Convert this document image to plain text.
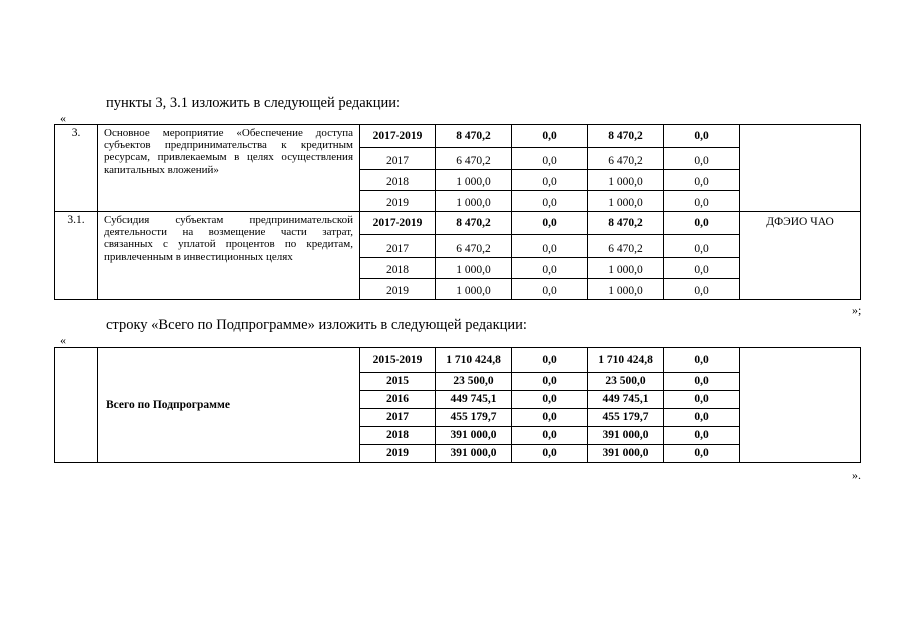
пункты 3, 3.1 изложить в следующей редакции:
«
3.	Основное мероприятие «Обеспечение доступа субъектов предпринимательства к кредитным ресурсам, привлекаемым в целях осуществления капитальных вложений»	2017-2019	8 470,2	0,0	8 470,2	0,0	
		2017	6 470,2	0,0	6 470,2	0,0	
		2018	1 000,0	0,0	1 000,0	0,0	
		2019	1 000,0	0,0	1 000,0	0,0	
3.1.	Субсидия субъектам предпринимательской деятельности на возмещение части затрат, связанных с уплатой процентов по кредитам, привлеченным в инвестиционных целях	2017-2019	8 470,2	0,0	8 470,2	0,0	ДФЭИО ЧАО
		2017	6 470,2	0,0	6 470,2	0,0	
		2018	1 000,0	0,0	1 000,0	0,0	
		2019	1 000,0	0,0	1 000,0	0,0	
»;
строку «Всего по Подпрограмме» изложить в следующей редакции:
«
	Всего по Подпрограмме	2015-2019	1 710 424,8	0,0	1 710 424,8	0,0	
		2015	23 500,0	0,0	23 500,0	0,0	
		2016	449 745,1	0,0	449 745,1	0,0	
		2017	455 179,7	0,0	455 179,7	0,0	
		2018	391 000,0	0,0	391 000,0	0,0	
		2019	391 000,0	0,0	391 000,0	0,0	
».
